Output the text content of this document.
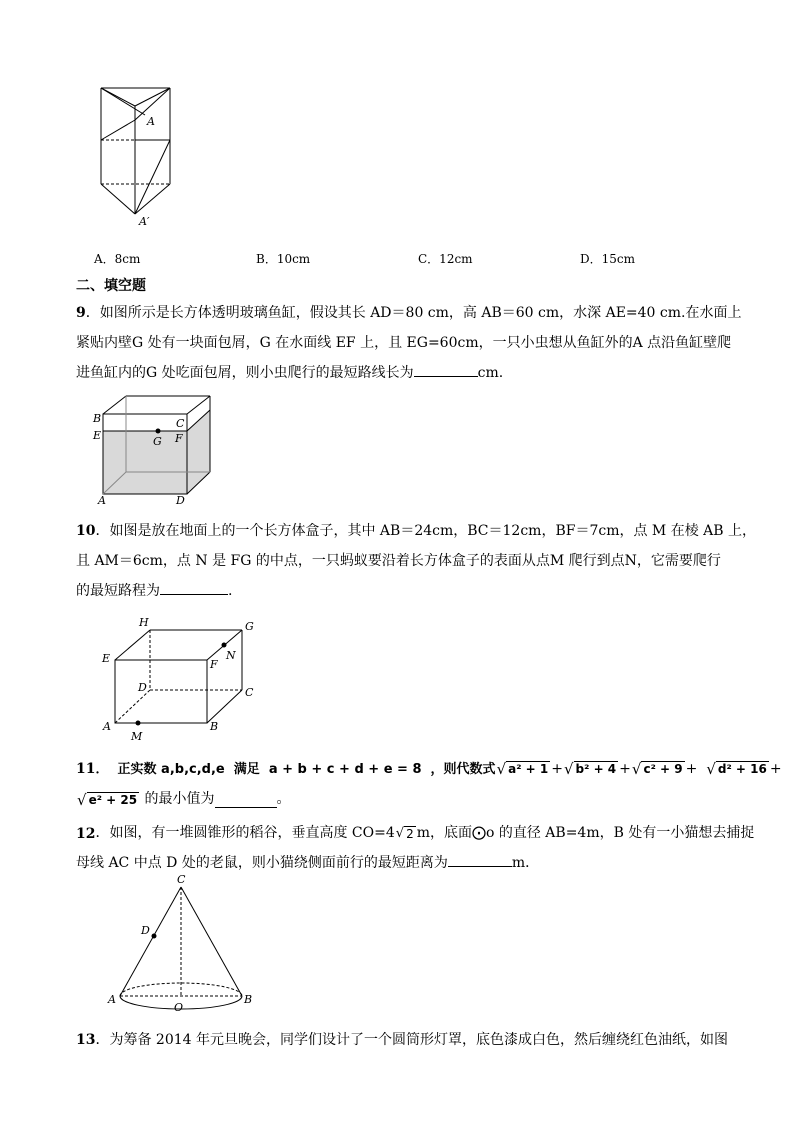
A
A′
A．8cm	B．10cm	C．12cm	D．15cm
二、填空题
9．如图所示是长方体透明玻璃鱼缸，假设其长 AD＝80 cm，高 AB＝60 cm，水深 AE=40 cm.在水面上
紧贴内壁G 处有一块面包屑，G 在水面线 EF 上，且 EG=60cm，一只小虫想从鱼缸外的A 点沿鱼缸壁爬
进鱼缸内的G 处吃面包屑，则小虫爬行的最短路线长为	cm.
B	C
E	F
G
A	D
10．如图是放在地面上的一个长方体盒子，其中 AB＝24cm，BC＝12cm，BF＝7cm，点 M 在棱 AB 上，
且 AM＝6cm，点 N 是 FG 的中点，一只蚂蚁要沿着长方体盒子的表面从点M 爬行到点N，它需要爬行
的最短路程为	.
H	G
E	N
F
D	C
A	B
M
11 ．  正实数 a,b,c,d,e  满足  a + b + c + d + e = 8  ，则代数式 √ a² + 1 + √ b² + 4 + √ c² + 9 + √ d² + 16 +
√ e² + 25 的最小值为	。
12 ．如图，有一堆圆锥形的稻谷，垂直高度 CO=4 √ 2 m，底面⨀o 的直径 AB=4m，B 处有一小猫想去捕捉
母线 AC 中点 D 处的老鼠，则小猫绕侧面前行的最短距离为	m．
C
D
A
O
B
13．为筹备 2014 年元旦晚会，同学们设计了一个圆筒形灯罩，底色漆成白色，然后缠绕红色油纸，如图
